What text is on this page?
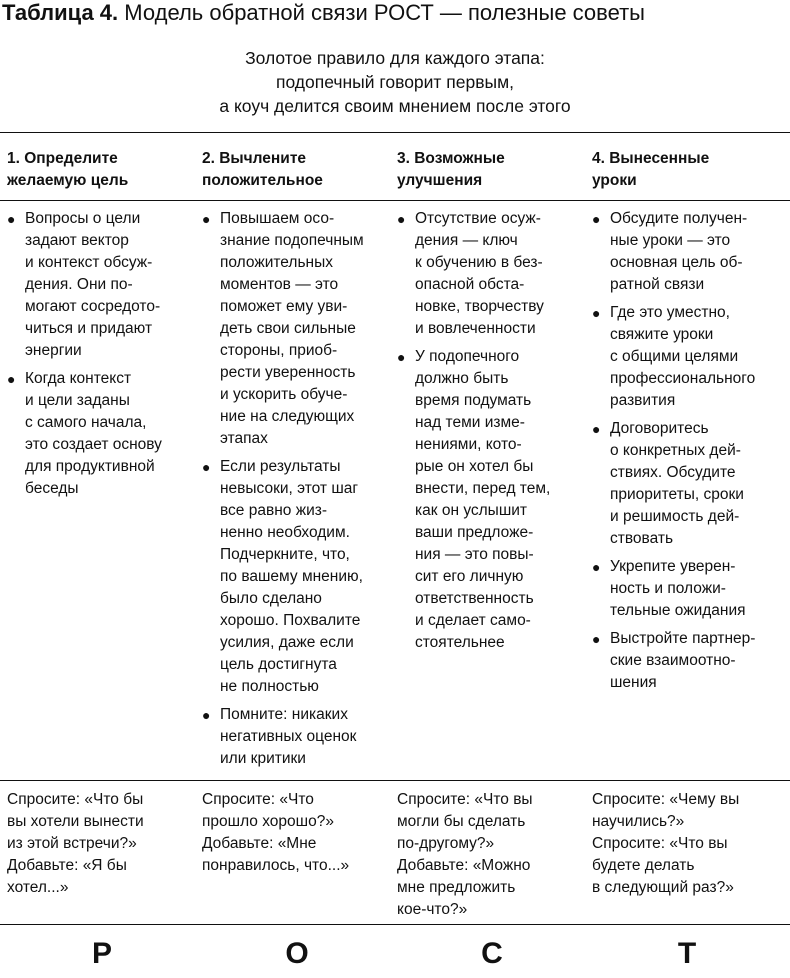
Таблица 4. Модель обратной связи РОСТ — полезные советы
Золотое правило для каждого этапа:
подопечный говорит первым,
а коуч делится своим мнением после этого
1. Определите
желаемую цель
● Вопросы о цели
задают вектор
и контекст обсуж-
дения. Они по-
могают сосредото-
читься и придают
энергии
● Когда контекст
и цели заданы
с самого начала,
это создает основу
для продуктивной
беседы
Спросите: «Что бы
вы хотели вынести
из этой встречи?»
Добавьте: «Я бы
хотел...»
Р
2. Вычлените
положительное
● Повышаем осо-
знание подопечным
положительных
моментов — это
поможет ему уви-
деть свои сильные
стороны, приоб-
рести уверенность
и ускорить обуче-
ние на следующих
этапах
● Если результаты
невысоки, этот шаг
все равно жиз-
ненно необходим.
Подчеркните, что,
по вашему мнению,
было сделано
хорошо. Похвалите
усилия, даже если
цель достигнута
не полностью
● Помните: никаких
негативных оценок
или критики
Спросите: «Что
прошло хорошо?»
Добавьте: «Мне
понравилось, что...»
О
3. Возможные
улучшения
● Отсутствие осуж-
дения — ключ
к обучению в без-
опасной обста-
новке, творчеству
и вовлеченности
● У подопечного
должно быть
время подумать
над теми изме-
нениями, кото-
рые он хотел бы
внести, перед тем,
как он услышит
ваши предложе-
ния — это повы-
сит его личную
ответственность
и сделает само-
стоятельнее
Спросите: «Что вы
могли бы сделать
по-другому?»
Добавьте: «Можно
мне предложить
кое-что?»
С
4. Вынесенные
уроки
● Обсудите получен-
ные уроки — это
основная цель об-
ратной связи
● Где это уместно,
свяжите уроки
с общими целями
профессионального
развития
● Договоритесь
о конкретных дей-
ствиях. Обсудите
приоритеты, сроки
и решимость дей-
ствовать
● Укрепите уверен-
ность и положи-
тельные ожидания
● Выстройте партнер-
ские взаимоотно-
шения
Спросите: «Чему вы
научились?»
Спросите: «Что вы
будете делать
в следующий раз?»
Т
